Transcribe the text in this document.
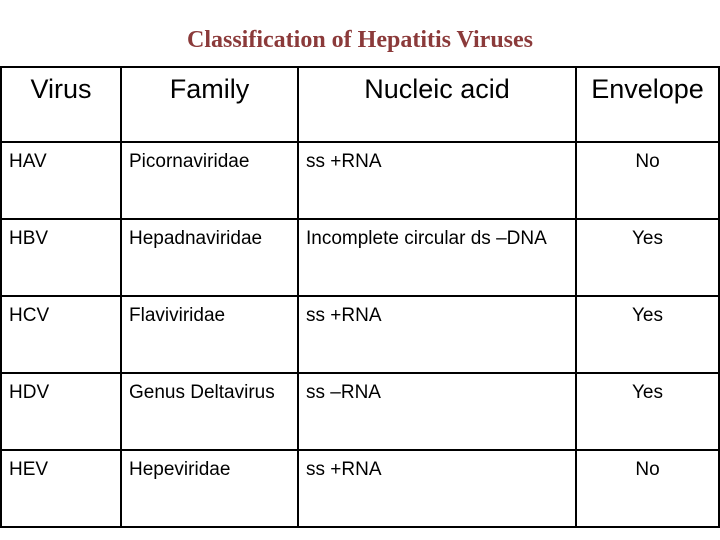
Classification of Hepatitis Viruses
Virus	Family	Nucleic acid	Envelope
HAV	Picornaviridae	ss +RNA	No
HBV	Hepadnaviridae	Incomplete circular ds –DNA	Yes
HCV	Flaviviridae	ss +RNA	Yes
HDV	Genus Deltavirus	ss –RNA	Yes
HEV	Hepeviridae	ss +RNA	No
